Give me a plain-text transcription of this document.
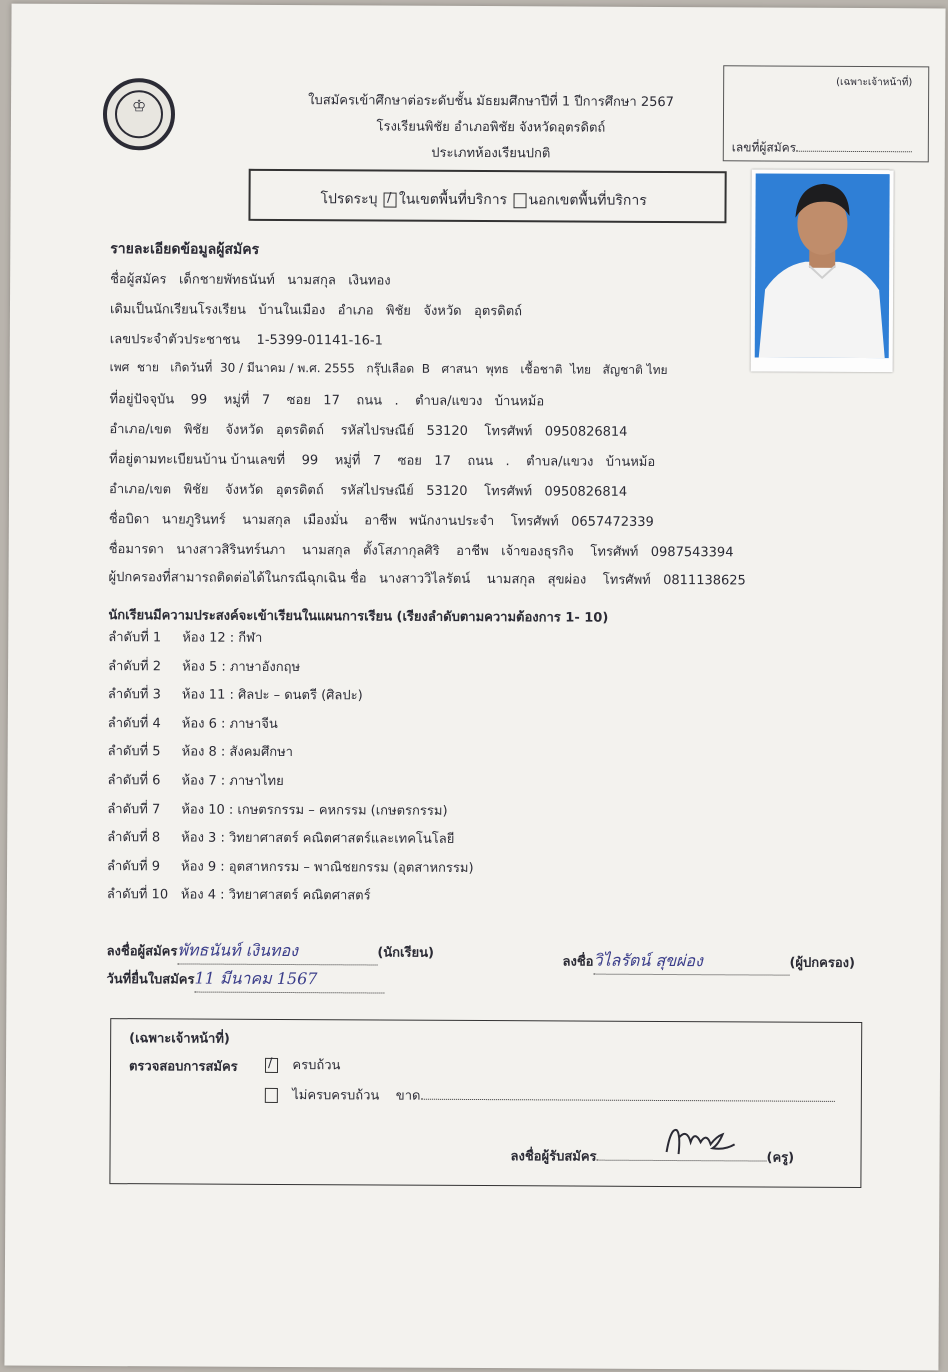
♔	ใบสมัครเข้าศึกษาต่อระดับชั้น มัธยมศึกษาปีที่ 1 ปีการศึกษา 2567
โรงเรียนพิชัย อำเภอพิชัย จังหวัดอุตรดิตถ์
ประเภทห้องเรียนปกติ
(เฉพาะเจ้าหน้าที่)
เลขที่ผู้สมัคร
โปรดระบุ / ในเขตพื้นที่บริการ นอกเขตพื้นที่บริการ
รายละเอียดข้อมูลผู้สมัคร
ชื่อผู้สมัคร เด็กชายพัทธนันท์ นามสกุล เงินทอง
เดิมเป็นนักเรียนโรงเรียน บ้านในเมือง อำเภอ พิชัย จังหวัด อุตรดิตถ์
เลขประจำตัวประชาชน 1-5399-01141-16-1
เพศ ชาย เกิดวันที่ 30 / มีนาคม / พ.ศ. 2555 กรุ๊ปเลือด B ศาสนา พุทธ เชื้อชาติ ไทย สัญชาติ ไทย
ที่อยู่ปัจจุบัน 99 หมู่ที่ 7 ซอย 17 ถนน . ตำบล/แขวง บ้านหม้อ
อำเภอ/เขต พิชัย จังหวัด อุตรดิตถ์ รหัสไปรษณีย์ 53120 โทรศัพท์ 0950826814
ที่อยู่ตามทะเบียนบ้าน บ้านเลขที่ 99 หมู่ที่ 7 ซอย 17 ถนน . ตำบล/แขวง บ้านหม้อ
อำเภอ/เขต พิชัย จังหวัด อุตรดิตถ์ รหัสไปรษณีย์ 53120 โทรศัพท์ 0950826814
ชื่อบิดา นายภูรินทร์ นามสกุล เมืองมั่น อาชีพ พนักงานประจำ โทรศัพท์ 0657472339
ชื่อมารดา นางสาวสิรินทร์นภา นามสกุล ตั้งโสภากุลศิริ อาชีพ เจ้าของธุรกิจ โทรศัพท์ 0987543394
ผู้ปกครองที่สามารถติดต่อได้ในกรณีฉุกเฉิน ชื่อ นางสาววิไลรัตน์ นามสกุล สุขผ่อง โทรศัพท์ 0811138625
นักเรียนมีความประสงค์จะเข้าเรียนในแผนการเรียน (เรียงลำดับตามความต้องการ 1- 10)
ลำดับที่ 1 ห้อง 12 : กีฬา
ลำดับที่ 2 ห้อง 5 : ภาษาอังกฤษ
ลำดับที่ 3 ห้อง 11 : ศิลปะ – ดนตรี (ศิลปะ)
ลำดับที่ 4 ห้อง 6 : ภาษาจีน
ลำดับที่ 5 ห้อง 8 : สังคมศึกษา
ลำดับที่ 6 ห้อง 7 : ภาษาไทย
ลำดับที่ 7 ห้อง 10 : เกษตรกรรม – คหกรรม (เกษตรกรรม)
ลำดับที่ 8 ห้อง 3 : วิทยาศาสตร์ คณิตศาสตร์และเทคโนโลยี
ลำดับที่ 9 ห้อง 9 : อุตสาหกรรม – พาณิชยกรรม (อุตสาหกรรม)
ลำดับที่ 10 ห้อง 4 : วิทยาศาสตร์ คณิตศาสตร์
ลงชื่อผู้สมัครพัทธนันท์ เงินทอง	(นักเรียน)
วันที่ยื่นใบสมัคร11 มีนาคม 1567
ลงชื่อวิไลรัตน์ สุขผ่อง	(ผู้ปกครอง)
(เฉพาะเจ้าหน้าที่)
ตรวจสอบการสมัคร /	ครบถ้วน
ไม่ครบครบถ้วน ขาด
ลงชื่อผู้รับสมัคร	(ครู)
